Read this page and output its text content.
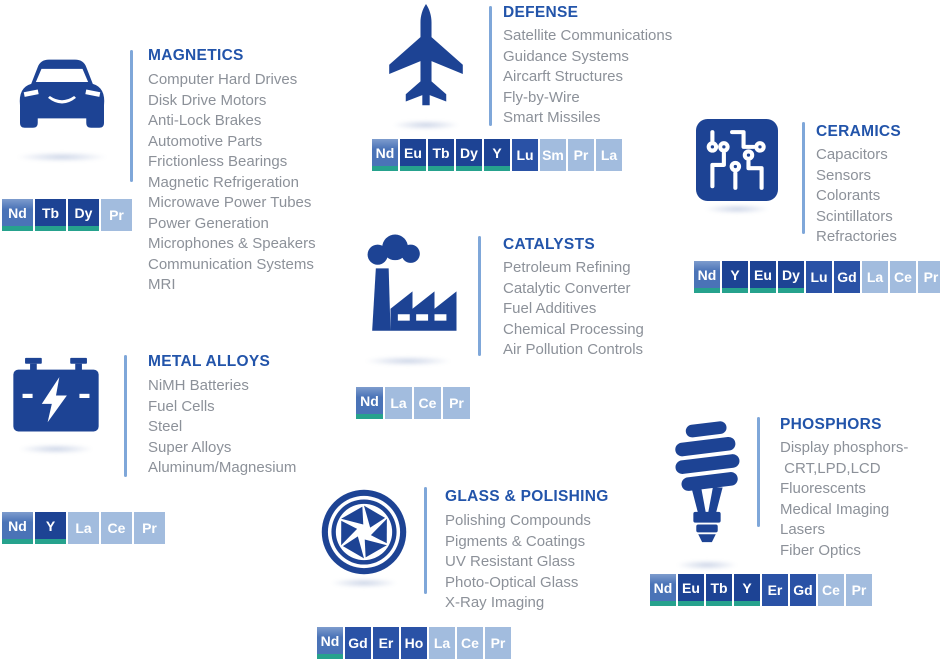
MAGNETICS
Computer Hard Drives
Disk Drive Motors
Anti-Lock Brakes
Automotive Parts
Frictionless Bearings
Magnetic Refrigeration
Microwave Power Tubes
Power Generation
Microphones & Speakers
Communication Systems
MRI
Nd Tb Dy Pr
DEFENSE
Satellite Communications
Guidance Systems
Aircarft Structures
Fly-by-Wire
Smart Missiles
Nd Eu Tb Dy Y Lu Sm Pr La
CERAMICS
Capacitors
Sensors
Colorants
Scintillators
Refractories
Nd Y Eu Dy Lu Gd La Ce Pr
METAL ALLOYS
NiMH Batteries
Fuel Cells
Steel
Super Alloys
Aluminum/Magnesium
Nd Y La Ce Pr
CATALYSTS
Petroleum Refining
Catalytic Converter
Fuel Additives
Chemical Processing
Air Pollution Controls
Nd La Ce Pr
GLASS & POLISHING
Polishing Compounds
Pigments & Coatings
UV Resistant Glass
Photo-Optical Glass
X-Ray Imaging
Nd Gd Er Ho La Ce Pr
PHOSPHORS
Display phosphors-
CRT,LPD,LCD
Fluorescents
Medical Imaging
Lasers
Fiber Optics
Nd Eu Tb Y Er Gd Ce Pr
